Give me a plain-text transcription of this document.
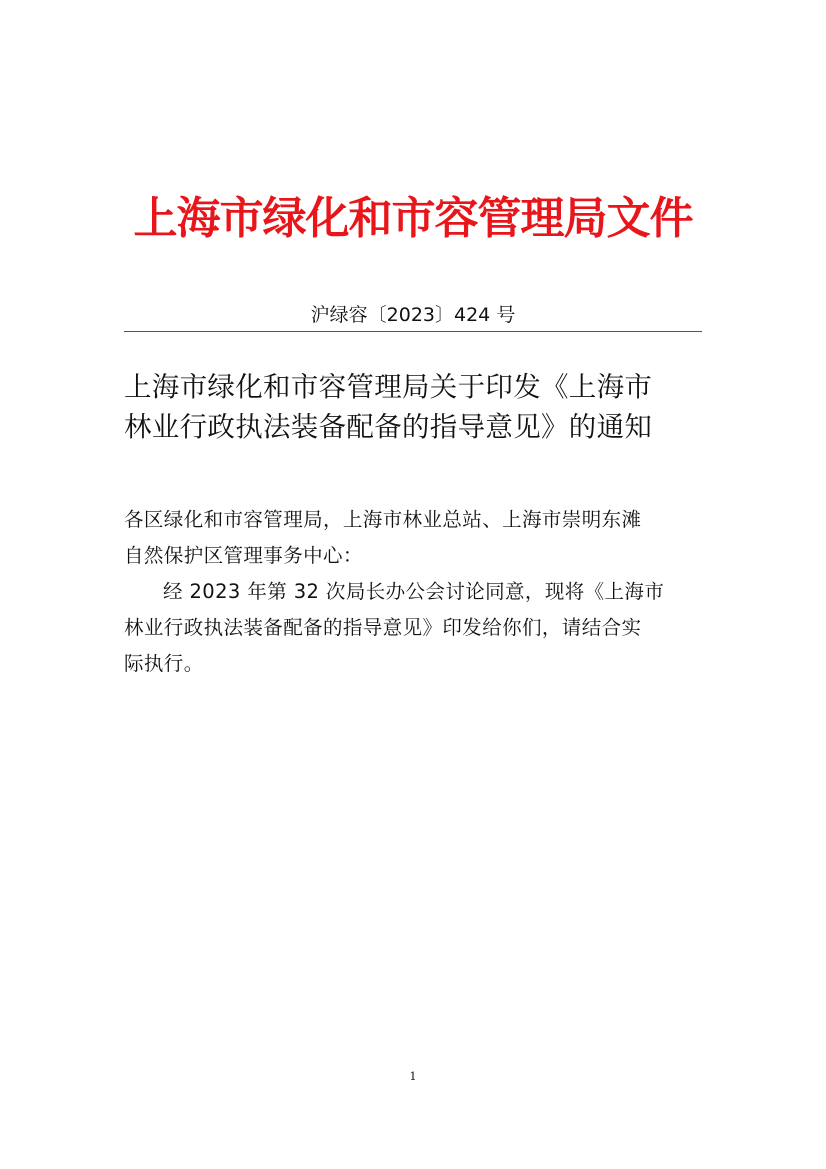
上海市绿化和市容管理局文件
沪绿容〔2023〕424 号
上海市绿化和市容管理局关于印发《上海市
林业行政执法装备配备的指导意见》的通知
各区绿化和市容管理局，上海市林业总站、上海市崇明东滩
自然保护区管理事务中心：
经 2023 年第 32 次局长办公会讨论同意，现将《上海市
林业行政执法装备配备的指导意见》印发给你们，请结合实
际执行。
1
